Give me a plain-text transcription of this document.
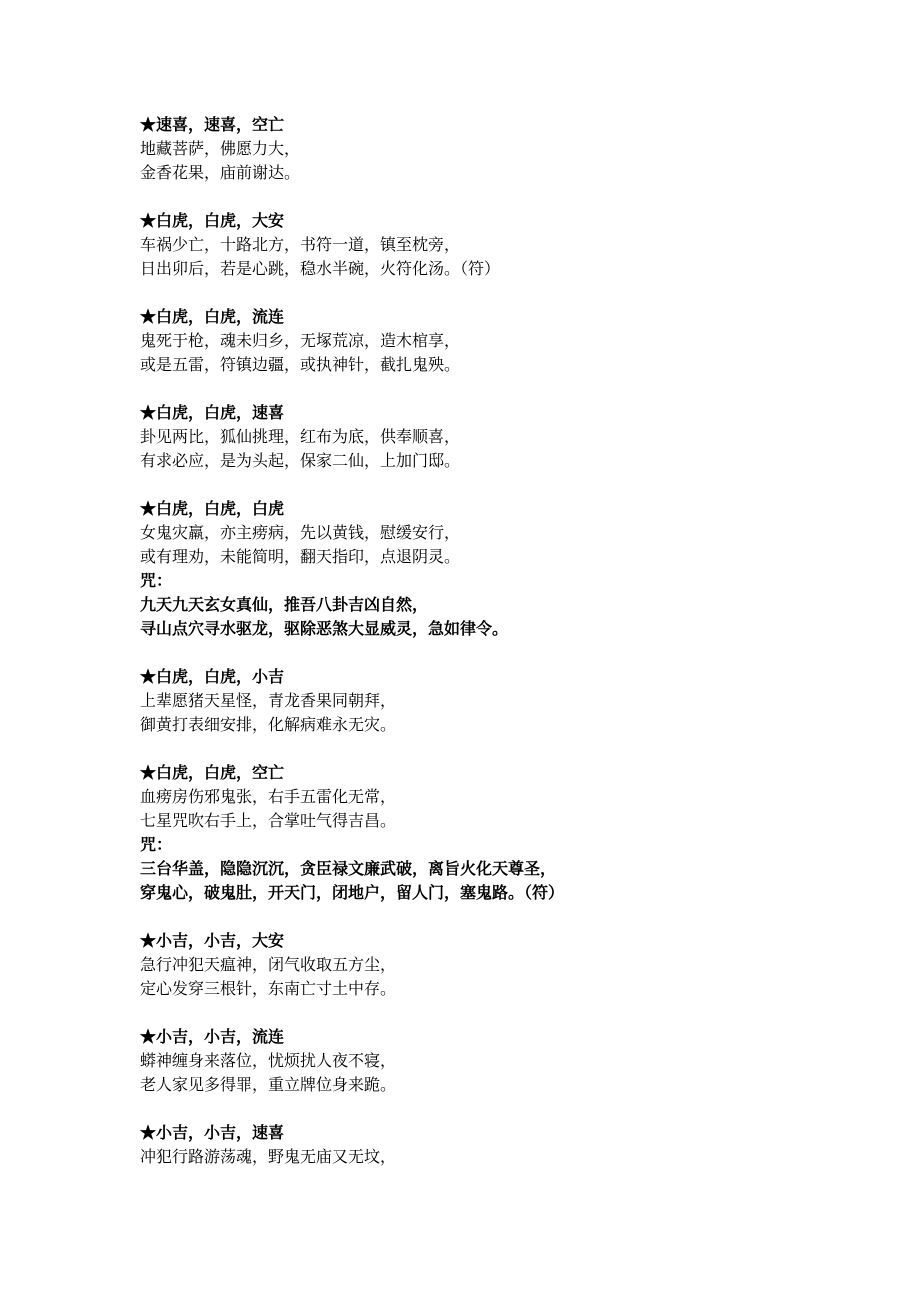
★速喜，速喜，空亡
地藏菩萨，佛愿力大，
金香花果，庙前谢达。
★白虎，白虎，大安
车祸少亡，十路北方，书符一道，镇至枕旁，
日出卯后，若是心跳，稳水半碗，火符化汤。（符）
★白虎，白虎，流连
鬼死于枪，魂未归乡，无塚荒凉，造木棺享，
或是五雷，符镇边疆，或执神针，截扎鬼殃。
★白虎，白虎，速喜
卦见两比，狐仙挑理，红布为底，供奉顺喜，
有求必应，是为头起，保家二仙，上加门邸。
★白虎，白虎，白虎
女鬼灾羸，亦主痨病，先以黄钱，慰缓安行，
或有理劝，未能简明，翻天指印，点退阴灵。
咒：
九天九天玄女真仙，推吾八卦吉凶自然，
寻山点穴寻水驱龙，驱除恶煞大显威灵，急如律令。
★白虎，白虎，小吉
上辈愿猪天星怪，青龙香果同朝拜，
御黄打表细安排，化解病难永无灾。
★白虎，白虎，空亡
血痨房伤邪鬼张，右手五雷化无常，
七星咒吹右手上，合掌吐气得吉昌。
咒：
三台华盖，隐隐沉沉，贪臣禄文廉武破，离旨火化天尊圣，
穿鬼心，破鬼肚，开天门，闭地户，留人门，塞鬼路。（符）
★小吉，小吉，大安
急行冲犯天瘟神，闭气收取五方尘，
定心发穿三根针，东南亡寸土中存。
★小吉，小吉，流连
蟒神缠身来落位，忧烦扰人夜不寝，
老人家见多得罪，重立牌位身来跪。
★小吉，小吉，速喜
冲犯行路游荡魂，野鬼无庙又无坟，
